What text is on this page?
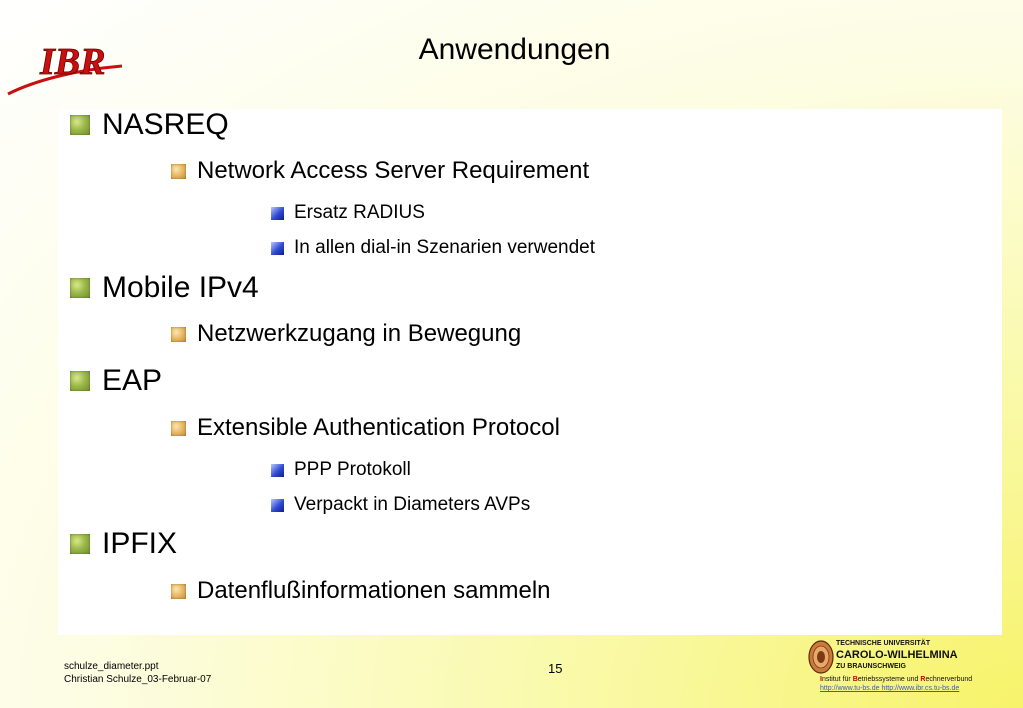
IBR	Anwendungen
NASREQ
Network Access Server Requirement
Ersatz RADIUS
In allen dial-in Szenarien verwendet
Mobile IPv4
Netzwerkzugang in Bewegung
EAP
Extensible Authentication Protocol
PPP Protokoll
Verpackt in Diameters AVPs
IPFIX
Datenflußinformationen sammeln
schulze_diameter.ppt
Christian Schulze_03-Februar-07
15
TECHNISCHE UNIVERSITÄT
CAROLO-WILHELMINA
ZU BRAUNSCHWEIG
Institut für Betriebssysteme und Rechnerverbund
http://www.tu-bs.de http://www.ibr.cs.tu-bs.de
